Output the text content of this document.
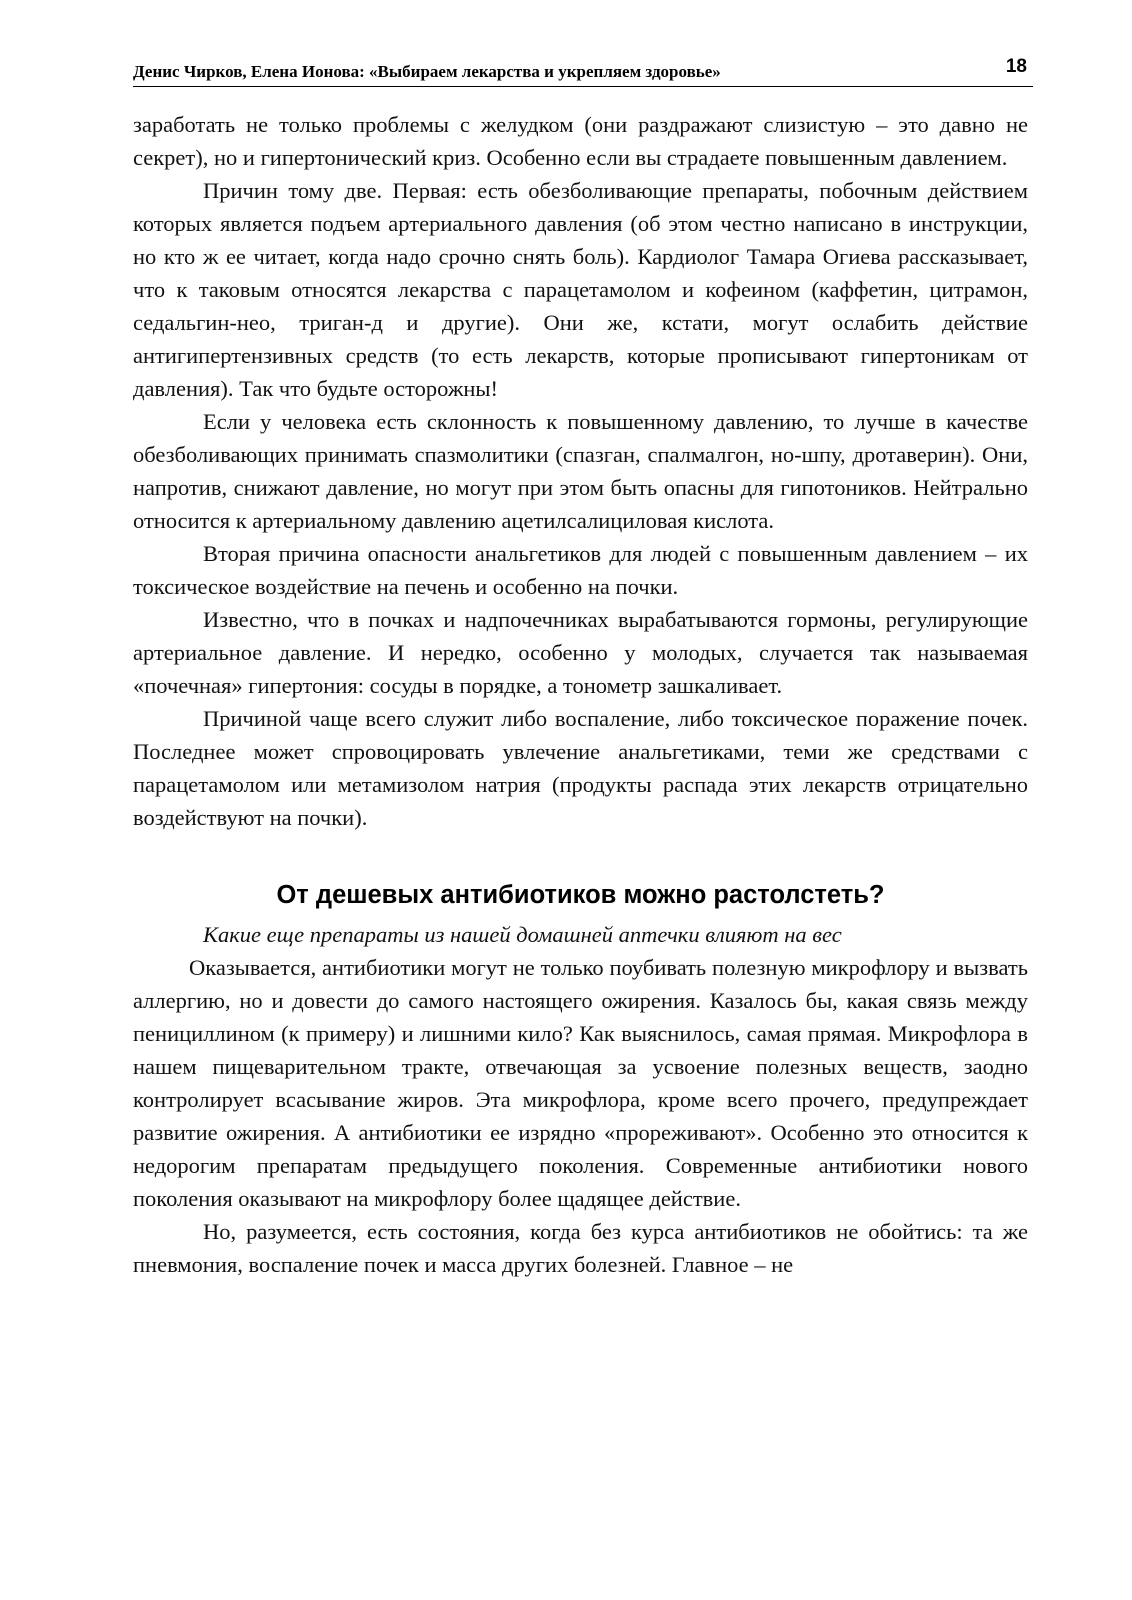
Денис Чирков, Елена Ионова: «Выбираем лекарства и укрепляем здоровье»	18

заработать не только проблемы с желудком (они раздражают слизистую – это давно не секрет), но и гипертонический криз. Особенно если вы страдаете повышенным давлением.

Причин тому две. Первая: есть обезболивающие препараты, побочным действием которых является подъем артериального давления (об этом честно написано в инструкции, но кто ж ее читает, когда надо срочно снять боль). Кардиолог Тамара Огиева рассказывает, что к таковым относятся лекарства с парацетамолом и кофеином (каффетин, цитрамон, седальгин-нео, триган-д и другие). Они же, кстати, могут ослабить действие антигипертензивных средств (то есть лекарств, которые прописывают гипертоникам от давления). Так что будьте осторожны!

Если у человека есть склонность к повышенному давлению, то лучше в качестве обезболивающих принимать спазмолитики (спазган, спалмалгон, но-шпу, дротаверин). Они, напротив, снижают давление, но могут при этом быть опасны для гипотоников. Нейтрально относится к артериальному давлению ацетилсалициловая кислота.

Вторая причина опасности анальгетиков для людей с повышенным давлением – их токсическое воздействие на печень и особенно на почки.

Известно, что в почках и надпочечниках вырабатываются гормоны, регулирующие артериальное давление. И нередко, особенно у молодых, случается так называемая «почечная» гипертония: сосуды в порядке, а тонометр зашкаливает.

Причиной чаще всего служит либо воспаление, либо токсическое поражение почек. Последнее может спровоцировать увлечение анальгетиками, теми же средствами с парацетамолом или метамизолом натрия (продукты распада этих лекарств отрицательно воздействуют на почки).

От дешевых антибиотиков можно растолстеть?

Какие еще препараты из нашей домашней аптечки влияют на вес

Оказывается, антибиотики могут не только поубивать полезную микрофлору и вызвать аллергию, но и довести до самого настоящего ожирения. Казалось бы, какая связь между пенициллином (к примеру) и лишними кило? Как выяснилось, самая прямая. Микрофлора в нашем пищеварительном тракте, отвечающая за усвоение полезных веществ, заодно контролирует всасывание жиров. Эта микрофлора, кроме всего прочего, предупреждает развитие ожирения. А антибиотики ее изрядно «прореживают». Особенно это относится к недорогим препаратам предыдущего поколения. Современные антибиотики нового поколения оказывают на микрофлору более щадящее действие.

Но, разумеется, есть состояния, когда без курса антибиотиков не обойтись: та же пневмония, воспаление почек и масса других болезней. Главное – не
